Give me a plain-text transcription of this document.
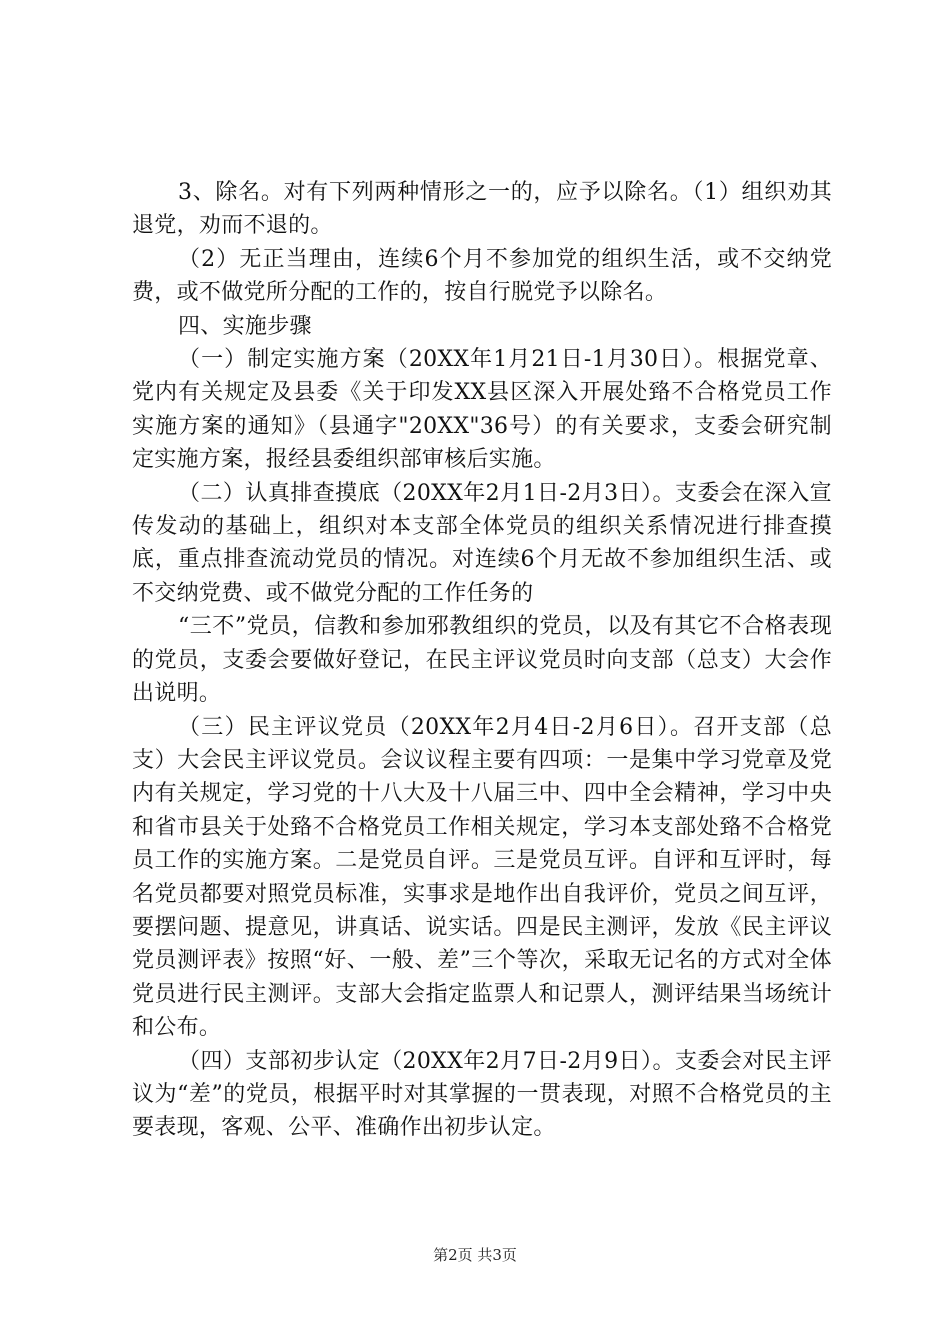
3、除名。对有下列两种情形之一的，应予以除名。（1）组织劝其退党，劝而不退的。

（2）无正当理由，连续6个月不参加党的组织生活，或不交纳党费，或不做党所分配的工作的，按自行脱党予以除名。

四、实施步骤

（一）制定实施方案（20XX年1月21日-1月30日）。根据党章、党内有关规定及县委《关于印发XX县区深入开展处臵不合格党员工作实施方案的通知》（县通字"20XX"36号）的有关要求，支委会研究制定实施方案，报经县委组织部审核后实施。

（二）认真排查摸底（20XX年2月1日-2月3日）。支委会在深入宣传发动的基础上，组织对本支部全体党员的组织关系情况进行排查摸底，重点排查流动党员的情况。对连续6个月无故不参加组织生活、或不交纳党费、或不做党分配的工作任务的

“三不”党员，信教和参加邪教组织的党员，以及有其它不合格表现的党员，支委会要做好登记，在民主评议党员时向支部（总支）大会作出说明。

（三）民主评议党员（20XX年2月4日-2月6日）。召开支部（总支）大会民主评议党员。会议议程主要有四项：一是集中学习党章及党内有关规定，学习党的十八大及十八届三中、四中全会精神，学习中央和省市县关于处臵不合格党员工作相关规定，学习本支部处臵不合格党员工作的实施方案。二是党员自评。三是党员互评。自评和互评时，每名党员都要对照党员标准，实事求是地作出自我评价，党员之间互评，要摆问题、提意见，讲真话、说实话。四是民主测评，发放《民主评议党员测评表》按照“好、一般、差”三个等次，采取无记名的方式对全体党员进行民主测评。支部大会指定监票人和记票人，测评结果当场统计和公布。

（四）支部初步认定（20XX年2月7日-2月9日）。支委会对民主评议为“差”的党员，根据平时对其掌握的一贯表现，对照不合格党员的主要表现，客观、公平、准确作出初步认定。

第2页 共3页
